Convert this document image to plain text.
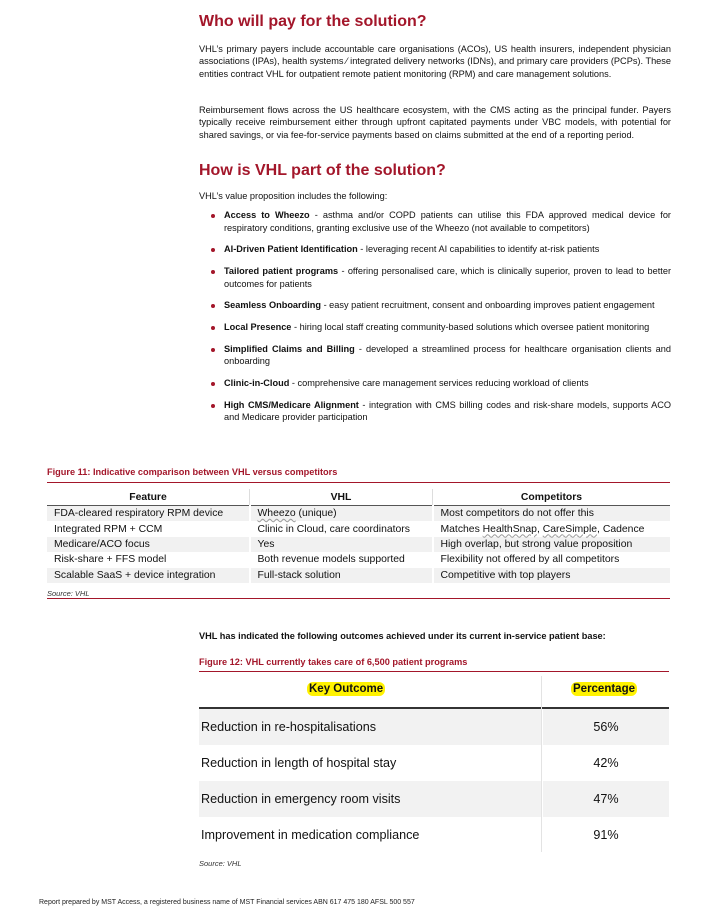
Who will pay for the solution?

VHL’s primary payers include accountable care organisations (ACOs), US health insurers, independent physician associations (IPAs), health systems ⁄ integrated delivery networks (IDNs), and primary care providers (PCPs). These entities contract VHL for outpatient remote patient monitoring (RPM) and care management solutions.

Reimbursement flows across the US healthcare ecosystem, with the CMS acting as the principal funder. Payers typically receive reimbursement either through upfront capitated payments under VBC models, with potential for shared savings, or via fee-for-service payments based on claims submitted at the end of a reporting period.

How is VHL part of the solution?

VHL’s value proposition includes the following:

Access to Wheezo - asthma and/or COPD patients can utilise this FDA approved medical device for respiratory conditions, granting exclusive use of the Wheezo (not available to competitors)
AI-Driven Patient Identification - leveraging recent AI capabilities to identify at-risk patients
Tailored patient programs - offering personalised care, which is clinically superior, proven to lead to better outcomes for patients
Seamless Onboarding - easy patient recruitment, consent and onboarding improves patient engagement
Local Presence - hiring local staff creating community-based solutions which oversee patient monitoring
Simplified Claims and Billing - developed a streamlined process for healthcare organisation clients and onboarding
Clinic-in-Cloud - comprehensive care management services reducing workload of clients
High CMS/Medicare Alignment - integration with CMS billing codes and risk-share models, supports ACO and Medicare provider participation

Figure 11: Indicative comparison between VHL versus competitors

Feature	VHL	Competitors
FDA-cleared respiratory RPM device	Wheezo (unique)	Most competitors do not offer this
Integrated RPM + CCM	Clinic in Cloud, care coordinators	Matches HealthSnap, CareSimple, Cadence
Medicare/ACO focus	Yes	High overlap, but strong value proposition
Risk-share + FFS model	Both revenue models supported	Flexibility not offered by all competitors
Scalable SaaS + device integration	Full-stack solution	Competitive with top players

Source: VHL

VHL has indicated the following outcomes achieved under its current in-service patient base:

Figure 12: VHL currently takes care of 6,500 patient programs

Key Outcome	Percentage
Reduction in re-hospitalisations	56%
Reduction in length of hospital stay	42%
Reduction in emergency room visits	47%
Improvement in medication compliance	91%

Source: VHL

Report prepared by MST Access, a registered business name of MST Financial services ABN 617 475 180 AFSL 500 557
